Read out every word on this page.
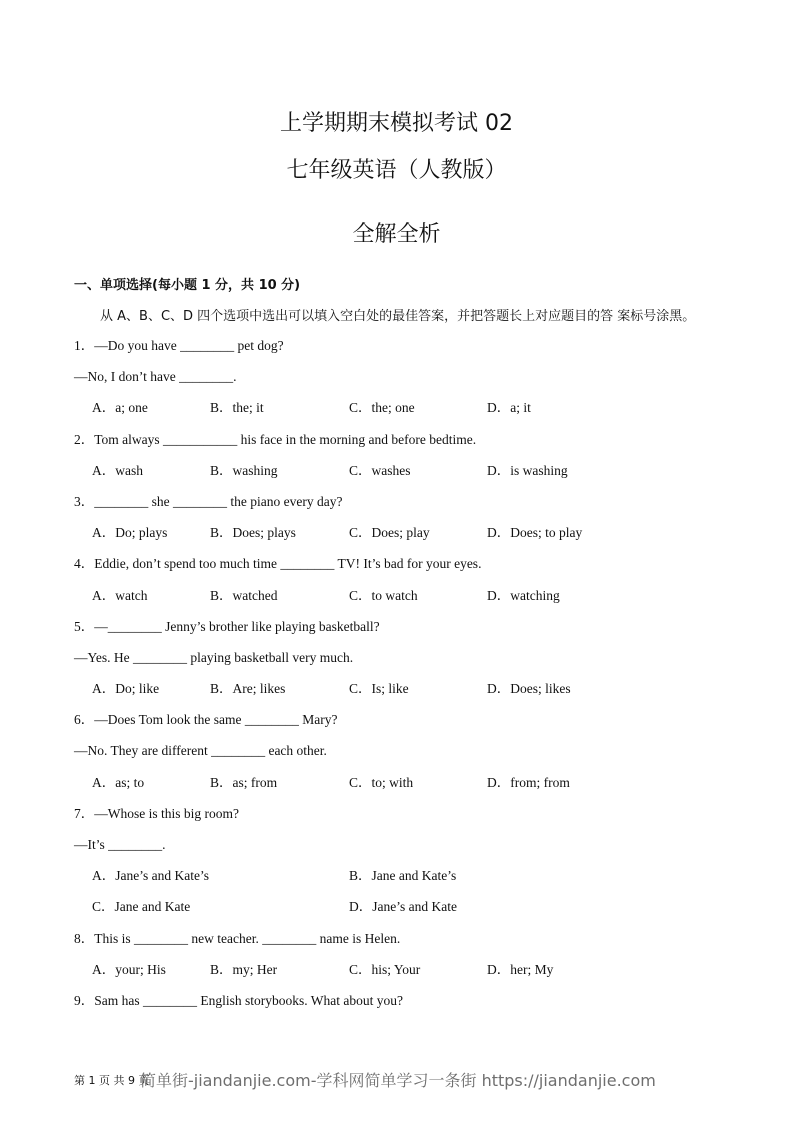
上学期期末模拟考试 02
七年级英语（人教版）
全解全析
一、单项选择(每小题 1 分，共 10 分)
从 A、B、C、D 四个选项中选出可以填入空白处的最佳答案，并把答题长上对应题目的答 案标号涂黑。
1．—Do you have ________ pet dog?
—No, I don’t have ________.
A．a; one	B．the; it	C．the; one	D．a; it
2．Tom always ___________ his face in the morning and before bedtime.
A．wash	B．washing	C．washes	D．is washing
3．________ she ________ the piano every day?
A．Do; plays	B．Does; plays	C．Does; play	D．Does; to play
4．Eddie, don’t spend too much time ________ TV! It’s bad for your eyes.
A．watch	B．watched	C．to watch	D．watching
5．—________ Jenny’s brother like playing basketball?
—Yes. He ________ playing basketball very much.
A．Do; like	B．Are; likes	C．Is; like	D．Does; likes
6．—Does Tom look the same ________ Mary?
—No. They are different ________ each other.
A．as; to	B．as; from	C．to; with	D．from; from
7．—Whose is this big room?
—It’s ________.
A．Jane’s and Kate’s	B．Jane and Kate’s
C．Jane and Kate	D．Jane’s and Kate
8．This is ________ new teacher. ________ name is Helen.
A．your; His	B．my; Her	C．his; Your	D．her; My
9．Sam has ________ English storybooks. What about you?
第 1 页 共 9 页
简单街-jiandanjie.com-学科网简单学习一条街 https://jiandanjie.com
